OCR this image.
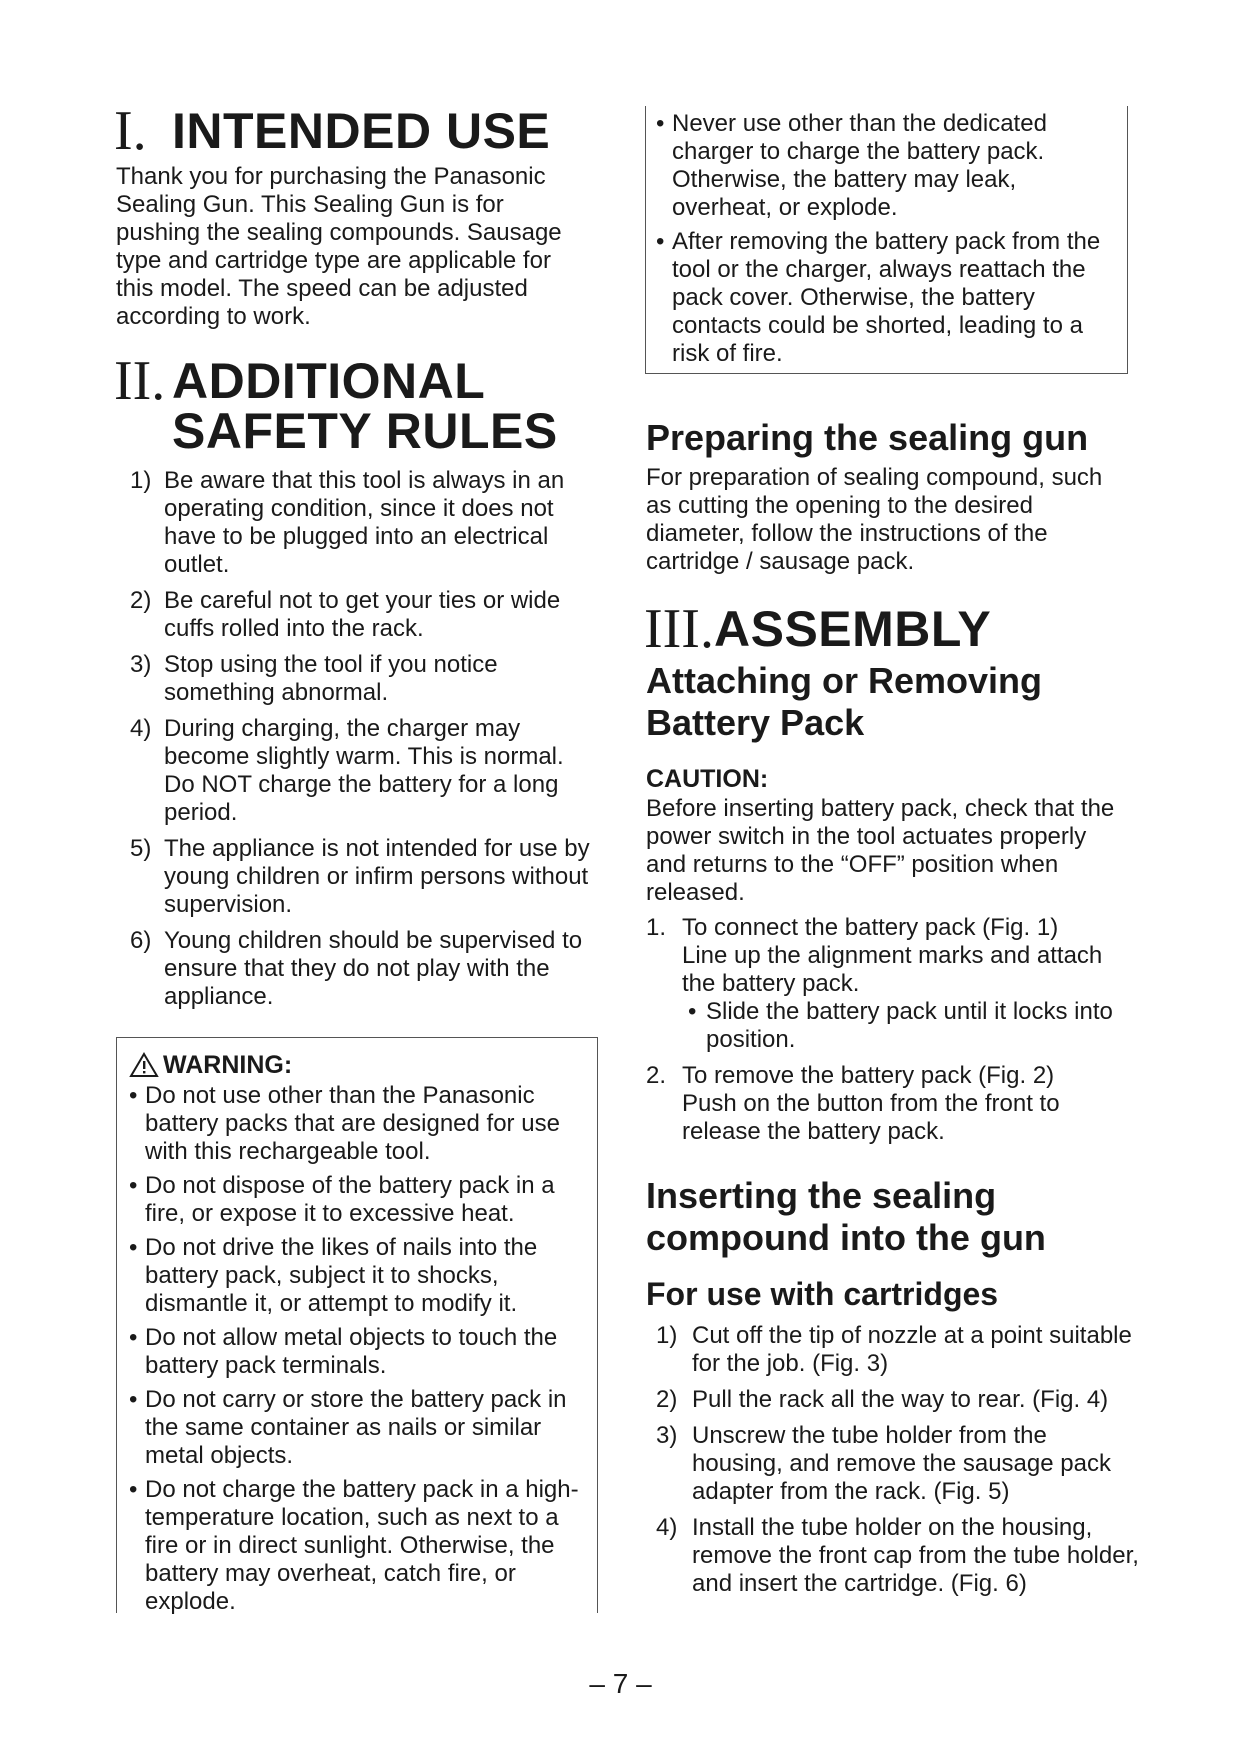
I. INTENDED USE

Thank you for purchasing the Panasonic Sealing Gun. This Sealing Gun is for pushing the sealing compounds. Sausage type and cartridge type are applicable for this model. The speed can be adjusted according to work.

II. ADDITIONAL
SAFETY RULES
1) Be aware that this tool is always in an operating condition, since it does not have to be plugged into an electrical outlet.
2) Be careful not to get your ties or wide cuffs rolled into the rack.
3) Stop using the tool if you notice something abnormal.
4) During charging, the charger may become slightly warm. This is normal. Do NOT charge the battery for a long period.
5) The appliance is not intended for use by young children or infirm persons without supervision.
6) Young children should be supervised to ensure that they do not play with the appliance.
WARNING:
• Do not use other than the Panasonic battery packs that are designed for use with this rechargeable tool.
• Do not dispose of the battery pack in a fire, or expose it to excessive heat.
• Do not drive the likes of nails into the battery pack, subject it to shocks, dismantle it, or attempt to modify it.
• Do not allow metal objects to touch the battery pack terminals.
• Do not carry or store the battery pack in the same container as nails or similar metal objects.
• Do not charge the battery pack in a high-temperature location, such as next to a fire or in direct sunlight. Otherwise, the battery may overheat, catch fire, or explode.
• Never use other than the dedicated charger to charge the battery pack. Otherwise, the battery may leak, overheat, or explode.
• After removing the battery pack from the tool or the charger, always reattach the pack cover. Otherwise, the battery contacts could be shorted, leading to a risk of fire.
Preparing the sealing gun

For preparation of sealing compound, such as cutting the opening to the desired diameter, follow the instructions of the cartridge / sausage pack.

III. ASSEMBLY
Attaching or Removing
Battery Pack
CAUTION:

Before inserting battery pack, check that the power switch in the tool actuates properly and returns to the “OFF” position when released.

1. To connect the battery pack (Fig. 1)
Line up the alignment marks and attach the battery pack.
• Slide the battery pack until it locks into position.
2. To remove the battery pack (Fig. 2)
Push on the button from the front to release the battery pack.
Inserting the sealing
compound into the gun
For use with cartridges
1) Cut off the tip of nozzle at a point suitable for the job. (Fig. 3)
2) Pull the rack all the way to rear. (Fig. 4)
3) Unscrew the tube holder from the housing, and remove the sausage pack adapter from the rack. (Fig. 5)
4) Install the tube holder on the housing, remove the front cap from the tube holder, and insert the cartridge. (Fig. 6)
– 7 –
